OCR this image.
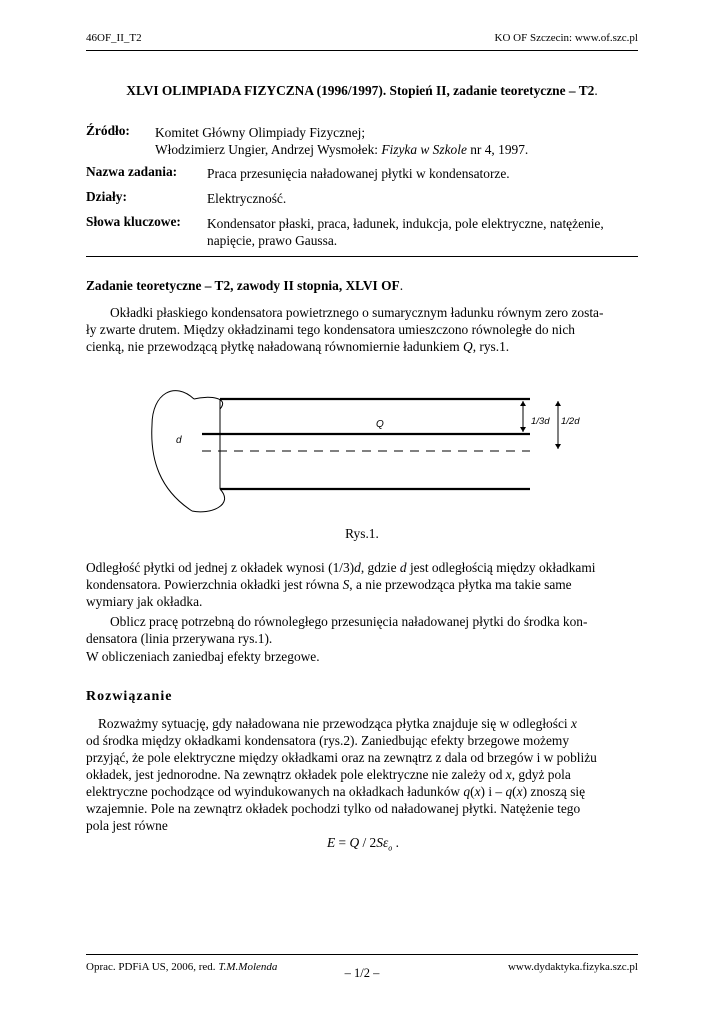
46OF_II_T2	KO OF Szczecin: www.of.szc.pl
XLVI OLIMPIADA FIZYCZNA (1996/1997). Stopień II, zadanie teoretyczne – T2.
Źródło: Komitet Główny Olimpiady Fizycznej;
Włodzimierz Ungier, Andrzej Wysmołek: Fizyka w Szkole nr 4, 1997.
Nazwa zadania: Praca przesunięcia naładowanej płytki w kondensatorze.
Działy:	Elektryczność.
Słowa kluczowe: Kondensator płaski, praca, ładunek, indukcja, pole elektryczne, natężenie,
napięcie, prawo Gaussa.
Zadanie teoretyczne – T2, zawody II stopnia, XLVI OF.
Okładki płaskiego kondensatora powietrznego o sumarycznym ładunku równym zero zosta-
ły zwarte drutem. Między okładzinami tego kondensatora umieszczono równoległe do nich
cienką, nie przewodzącą płytkę naładowaną równomiernie ładunkiem Q, rys.1.
d
Q	1/3d 1/2d
Rys.1.
Odległość płytki od jednej z okładek wynosi (1/3)d, gdzie d jest odległością między okładkami
kondensatora. Powierzchnia okładki jest równa S, a nie przewodząca płytka ma takie same
wymiary jak okładka.
Oblicz pracę potrzebną do równoległego przesunięcia naładowanej płytki do środka kon-
densatora (linia przerywana rys.1).
W obliczeniach zaniedbaj efekty brzegowe.
Rozwiązanie
Rozważmy sytuację, gdy naładowana nie przewodząca płytka znajduje się w odległości x
od środka między okładkami kondensatora (rys.2). Zaniedbując efekty brzegowe możemy
przyjąć, że pole elektryczne między okładkami oraz na zewnątrz z dala od brzegów i w pobliżu
okładek, jest jednorodne. Na zewnątrz okładek pole elektryczne nie zależy od x, gdyż pola
elektryczne pochodzące od wyindukowanych na okładkach ładunków q(x) i – q(x) znoszą się
wzajemnie. Pole na zewnątrz okładek pochodzi tylko od naładowanej płytki. Natężenie tego
pola jest równe
$E = Q / 2S\varepsilon_o$ .
Oprac. PDFiA US, 2006, red. T.M.Molenda	– 1/2 –	www.dydaktyka.fizyka.szc.pl
